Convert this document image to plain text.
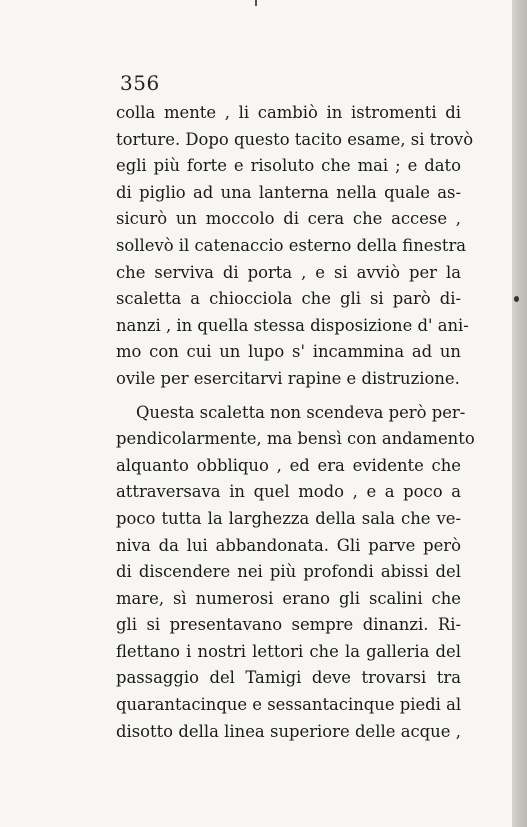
356
colla mente , li cambiò in istromenti di
torture. Dopo questo tacito esame, si trovò
egli più forte e risoluto che mai ; e dato
di piglio ad una lanterna nella quale as-
sicurò un moccolo di cera che accese ,
sollevò il catenaccio esterno della finestra
che serviva di porta , e si avviò per la
scaletta a chiocciola che gli si parò di-
nanzi , in quella stessa disposizione d' ani-
mo con cui un lupo s' incammina ad un
ovile per esercitarvi rapine e distruzione.
Questa scaletta non scendeva però per-
pendicolarmente, ma bensì con andamento
alquanto obbliquo , ed era evidente che
attraversava in quel modo , e a poco a
poco tutta la larghezza della sala che ve-
niva da lui abbandonata. Gli parve però
di discendere nei più profondi abissi del
mare, sì numerosi erano gli scalini che
gli si presentavano sempre dinanzi. Ri-
flettano i nostri lettori che la galleria del
passaggio del Tamigi deve trovarsi tra
quarantacinque e sessantacinque piedi al
disotto della linea superiore delle acque ,
